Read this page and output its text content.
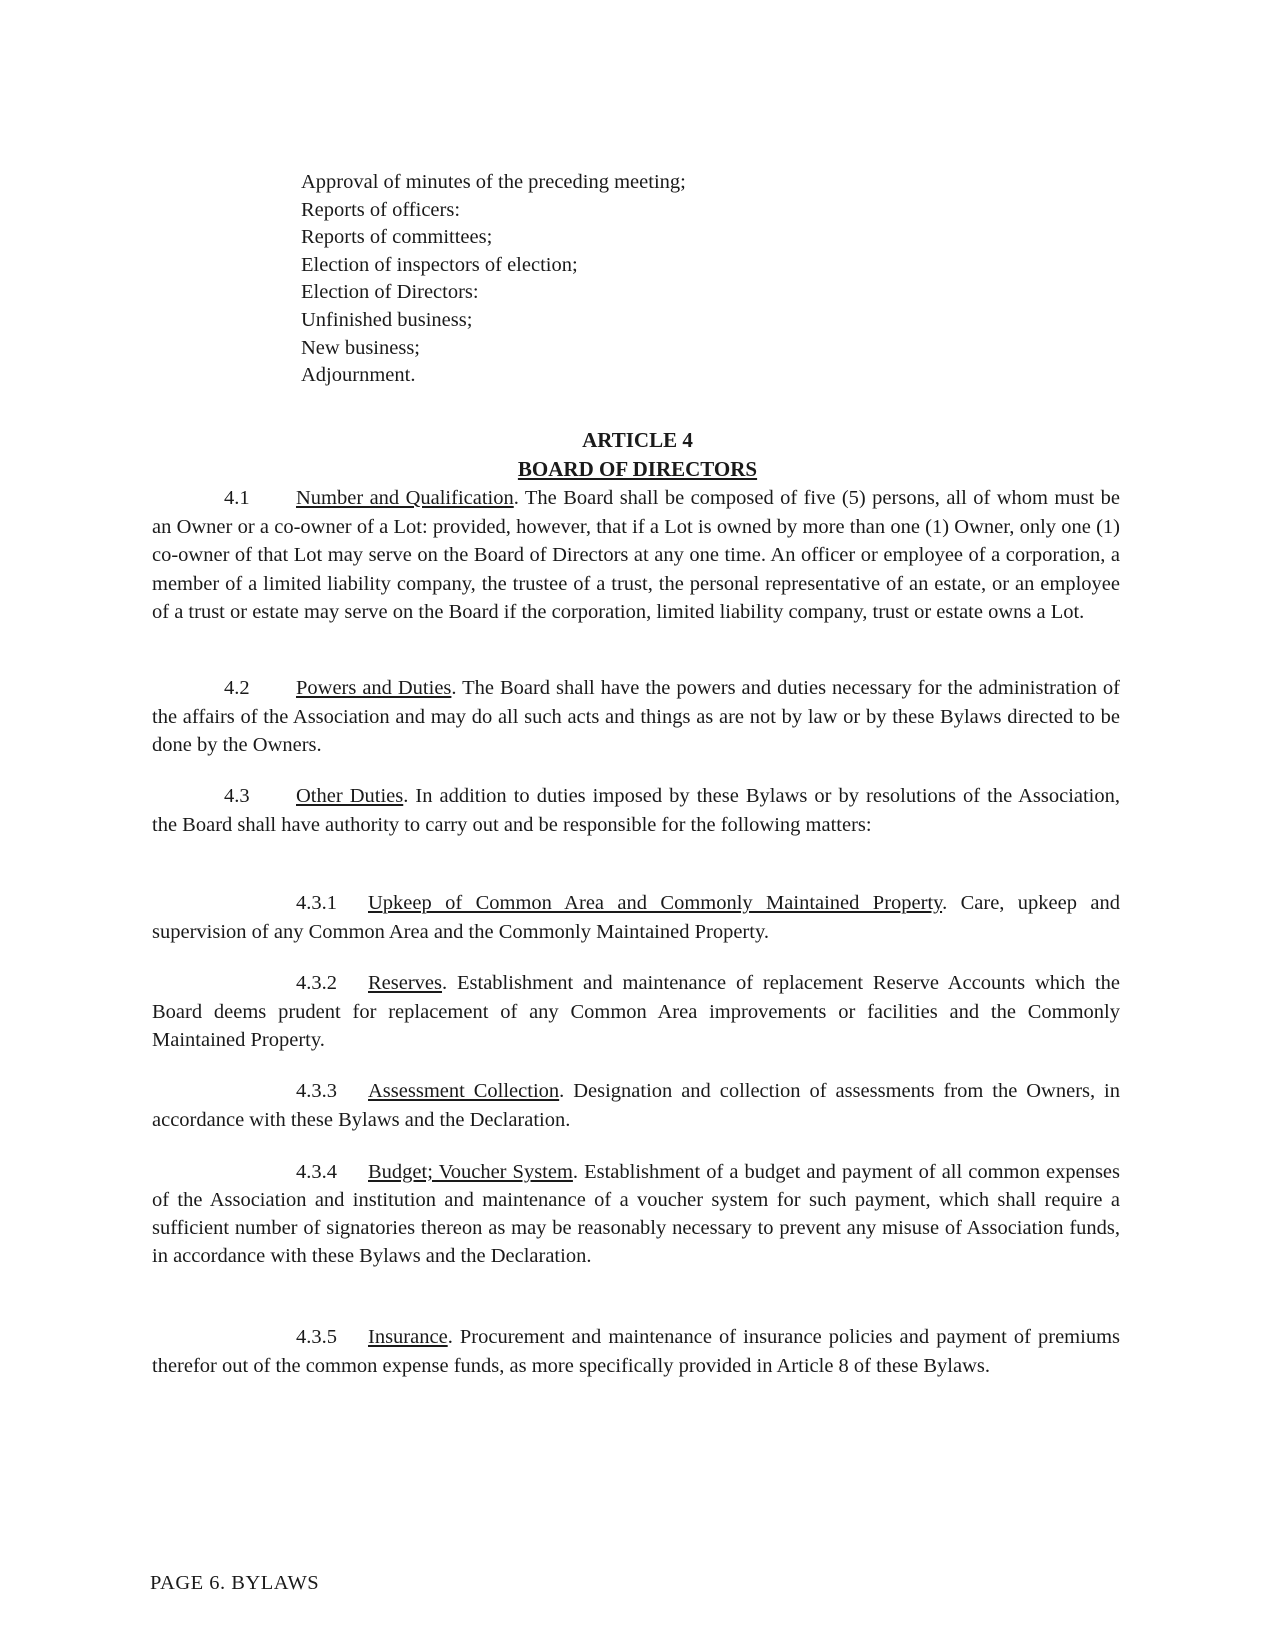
Approval of minutes of the preceding meeting;
Reports of officers:
Reports of committees;
Election of inspectors of election;
Election of Directors:
Unfinished business;
New business;
Adjournment.
ARTICLE 4
BOARD OF DIRECTORS
4.1 Number and Qualification. The Board shall be composed of five (5) persons, all of whom must be an Owner or a co-owner of a Lot: provided, however, that if a Lot is owned by more than one (1) Owner, only one (1) co-owner of that Lot may serve on the Board of Directors at any one time. An officer or employee of a corporation, a member of a limited liability company, the trustee of a trust, the personal representative of an estate, or an employee of a trust or estate may serve on the Board if the corporation, limited liability company, trust or estate owns a Lot.
4.2 Powers and Duties. The Board shall have the powers and duties necessary for the administration of the affairs of the Association and may do all such acts and things as are not by law or by these Bylaws directed to be done by the Owners.
4.3 Other Duties. In addition to duties imposed by these Bylaws or by resolutions of the Association, the Board shall have authority to carry out and be responsible for the following matters:
4.3.1 Upkeep of Common Area and Commonly Maintained Property. Care, upkeep and supervision of any Common Area and the Commonly Maintained Property.
4.3.2 Reserves. Establishment and maintenance of replacement Reserve Accounts which the Board deems prudent for replacement of any Common Area improvements or facilities and the Commonly Maintained Property.
4.3.3 Assessment Collection. Designation and collection of assessments from the Owners, in accordance with these Bylaws and the Declaration.
4.3.4 Budget; Voucher System. Establishment of a budget and payment of all common expenses of the Association and institution and maintenance of a voucher system for such payment, which shall require a sufficient number of signatories thereon as may be reasonably necessary to prevent any misuse of Association funds, in accordance with these Bylaws and the Declaration.
4.3.5 Insurance. Procurement and maintenance of insurance policies and payment of premiums therefor out of the common expense funds, as more specifically provided in Article 8 of these Bylaws.
PAGE 6. BYLAWS
